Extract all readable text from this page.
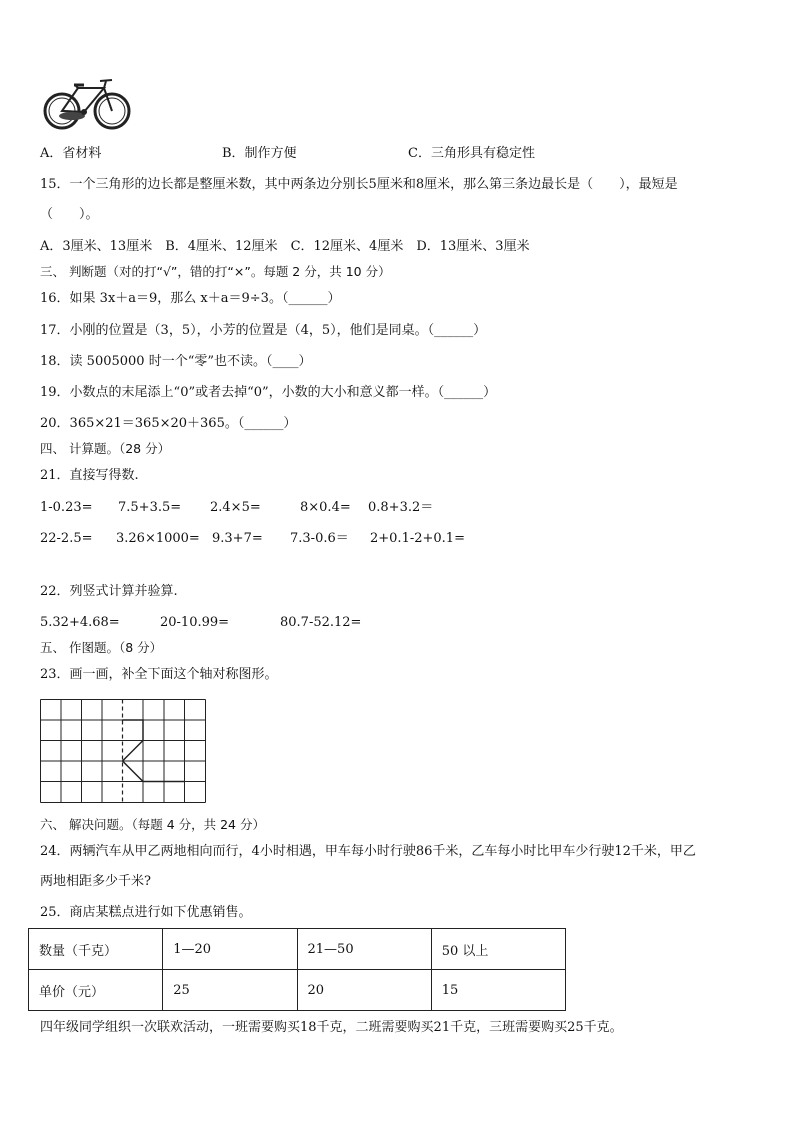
A．省材料	B．制作方便	C．三角形具有稳定性
15．一个三角形的边长都是整厘米数，其中两条边分别长5厘米和8厘米，那么第三条边最长是（　　），最短是
（　　）。
A．3厘米、13厘米　B．4厘米、12厘米　C．12厘米、4厘米　D．13厘米、3厘米
三、 判断题（对的打“√”，错的打“×”。每题 2 分，共 10 分）
16．如果 3x＋a＝9，那么 x＋a＝9÷3。（______）
17．小刚的位置是（3，5），小芳的位置是（4，5），他们是同桌。（______）
18．读 5005000 时一个“零”也不读。（____）
19．小数点的末尾添上“0”或者去掉“0”，小数的大小和意义都一样。（______）
20．365×21＝365×20＋365。（______）
四、 计算题。（28 分）
21．直接写得数.
1-0.23= 7.5+3.5= 2.4×5=	8×0.4= 0.8+3.2＝
22-2.5= 3.26×1000= 9.3+7= 7.3-0.6＝ 2+0.1-2+0.1=
22．列竖式计算并验算.
5.32+4.68=	20-10.99=	80.7-52.12=
五、 作图题。（8 分）
23．画一画，补全下面这个轴对称图形。
六、 解决问题。（每题 4 分，共 24 分）
24．两辆汽车从甲乙两地相向而行，4小时相遇，甲车每小时行驶86千米，乙车每小时比甲车少行驶12千米，甲乙
两地相距多少千米?
25．商店某糕点进行如下优惠销售。
数量（千克）	1—20	21—50	50 以上
单价（元）	25	20	15
四年级同学组织一次联欢活动，一班需要购买18千克，二班需要购买21千克，三班需要购买25千克。
